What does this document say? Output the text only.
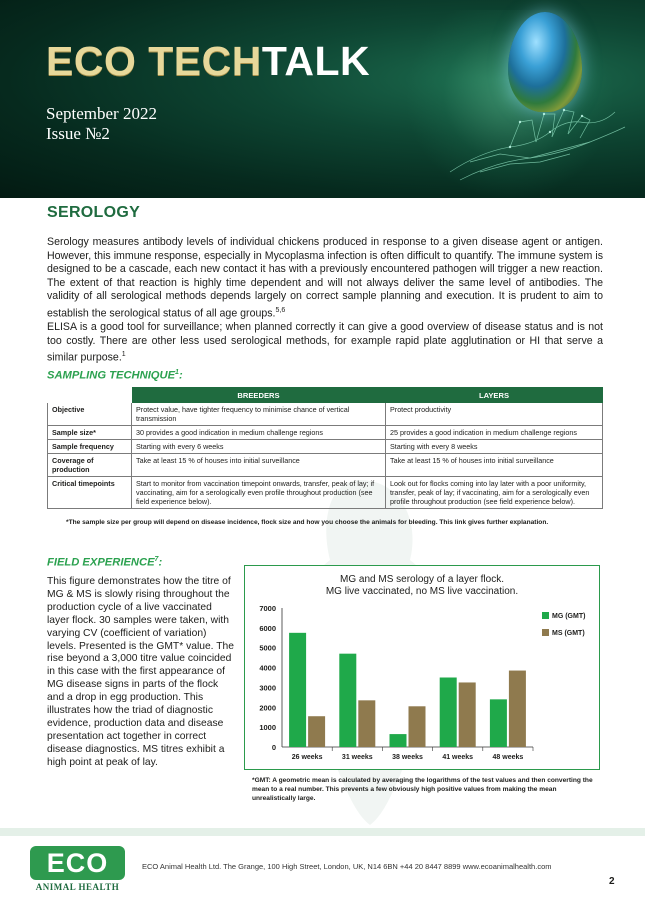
ECO TECHTALK
September 2022
Issue №2
SEROLOGY

Serology measures antibody levels of individual chickens produced in response to a given disease agent or antigen. However, this immune response, especially in Mycoplasma infection is often difficult to quantify. The immune system is designed to be a cascade, each new contact it has with a previously encountered pathogen will trigger a new reaction. The extent of that reaction is highly time dependent and will not always deliver the same level of antibodies. The validity of all serological methods depends largely on correct sample planning and execution. It is prudent to aim to establish the serological status of all age groups.$^{5,6}$

ELISA is a good tool for surveillance; when planned correctly it can give a good overview of disease status and is not too costly. There are other less used serological methods, for example rapid plate agglutination or HI that serve a similar purpose.$^1$

SAMPLING TECHNIQUE$^1$:
	BREEDERS	LAYERS
Objective	Protect value, have tighter frequency to minimise chance of vertical transmission	Protect productivity
Sample size*	30 provides a good indication in medium challenge regions	25 provides a good indication in medium challenge regions
Sample frequency	Starting with every 6 weeks	Starting with every 8 weeks
Coverage of production	Take at least 15 % of houses into initial surveillance	Take at least 15 % of houses into initial surveillance
Critical timepoints	Start to monitor from vaccination timepoint onwards, transfer, peak of lay; if vaccinating, aim for a serologically even profile throughout production (see field experience below).	Look out for flocks coming into lay later with a poor uniformity, transfer, peak of lay; if vaccinating, aim for a serologically even profile throughout production (see field experience below).

*The sample size per group will depend on disease incidence, flock size and how you choose the animals for bleeding. This link gives further explanation.

FIELD EXPERIENCE$^7$:

This figure demonstrates how the titre of MG & MS is slowly rising throughout the production cycle of a live vaccinated layer flock. 30 samples were taken, with varying CV (coefficient of variation) levels. Presented is the GMT* value. The rise beyond a 3,000 titre value coincided in this case with the first appearance of MG disease signs in parts of the flock and a drop in egg production. This illustrates how the triad of diagnostic evidence, production data and disease presentation act together in correct disease diagnostics. MS titres exhibit a high point at peak of lay.

MG and MS serology of a layer flock.
MG live vaccinated, no MS live vaccination.
0
1000
2000
3000
4000
5000
6000
7000
26 weeks	31 weeks	38 weeks	41 weeks	48 weeks
MG (GMT)
MS (GMT)

*GMT: A geometric mean is calculated by averaging the logarithms of the test values and then converting the mean to a real number. This prevents a few obviously high positive values from making the mean unrealistically large.

ECO
ANIMAL HEALTH

ECO Animal Health Ltd. The Grange, 100 High Street, London, UK, N14 6BN +44 20 8447 8899 www.ecoanimalhealth.com

2
